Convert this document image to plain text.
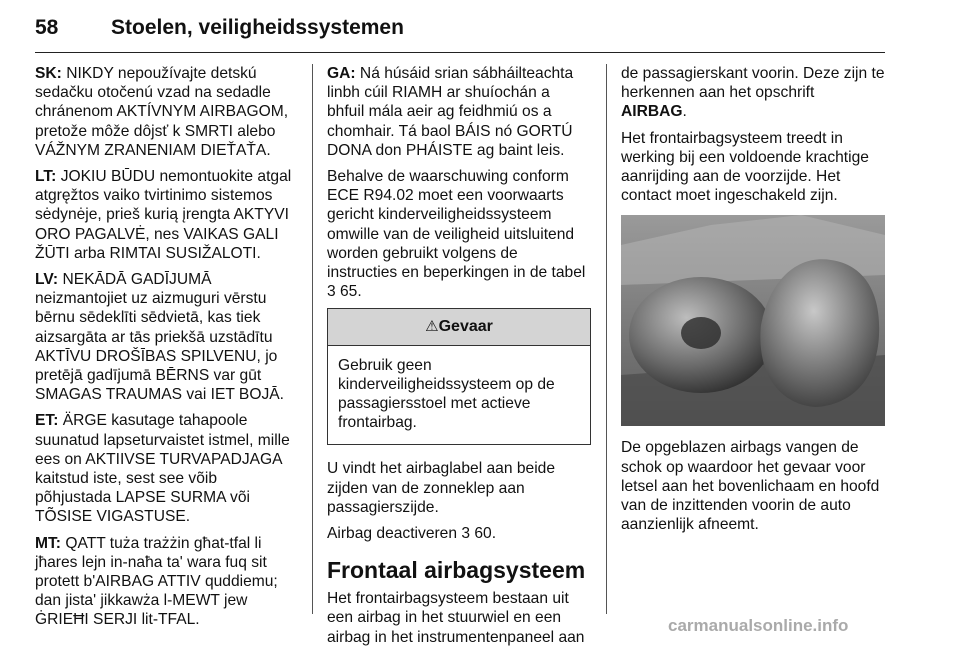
58	Stoelen, veiligheidssystemen

SK: NIKDY nepoužívajte detskú sedačku otočenú vzad na sedadle chránenom AKTÍVNYM AIRBAGOM, pretože môže dôjsť k SMRTI alebo VÁŽNYM ZRANENIAM DIEŤAŤA.

LT: JOKIU BŪDU nemontuokite atgal atgręžtos vaiko tvirtinimo sistemos sėdynėje, prieš kurią įrengta AKTYVI ORO PAGALVĖ, nes VAIKAS GALI ŽŪTI arba RIMTAI SUSIŽALOTI.

LV: NEKĀDĀ GADĪJUMĀ neizmantojiet uz aizmuguri vērstu bērnu sēdeklīti sēdvietā, kas tiek aizsargāta ar tās priekšā uzstādītu AKTĪVU DROŠĪBAS SPILVENU, jo pretējā gadījumā BĒRNS var gūt SMAGAS TRAUMAS vai IET BOJĀ.

ET: ÄRGE kasutage tahapoole suunatud lapseturvaistet istmel, mille ees on AKTIIVSE TURVAPADJAGA kaitstud iste, sest see võib põhjustada LAPSE SURMA või TÕSISE VIGASTUSE.

MT: QATT tuża trażżin għat-tfal li jħares lejn in-naħa ta' wara fuq sit protett b'AIRBAG ATTIV quddiemu; dan jista' jikkawża l-MEWT jew ĠRIEĦI SERJI lit-TFAL.

GA: Ná húsáid srian sábháilteachta linbh cúil RIAMH ar shuíochán a bhfuil mála aeir ag feidhmiú os a chomhair. Tá baol BÁIS nó GORTÚ DONA don PHÁISTE ag baint leis.

Behalve de waarschuwing conform ECE R94.02 moet een voorwaarts gericht kinderveiligheidssysteem omwille van de veiligheid uitsluitend worden gebruikt volgens de instructies en beperkingen in de tabel
3 65.

⚠Gevaar
Gebruik geen kinderveiligheidssysteem op de passagiersstoel met actieve frontairbag.

U vindt het airbaglabel aan beide zijden van de zonneklep aan passagierszijde.

Airbag deactiveren 3 60.

Frontaal airbagsysteem

Het frontairbagsysteem bestaan uit een airbag in het stuurwiel en een airbag in het instrumentenpaneel aan

de passagierskant voorin. Deze zijn te herkennen aan het opschrift
AIRBAG.

Het frontairbagsysteem treedt in werking bij een voldoende krachtige aanrijding aan de voorzijde. Het contact moet ingeschakeld zijn.

De opgeblazen airbags vangen de schok op waardoor het gevaar voor letsel aan het bovenlichaam en hoofd van de inzittenden voorin de auto aanzienlijk afneemt.

carmanualsonline.info
